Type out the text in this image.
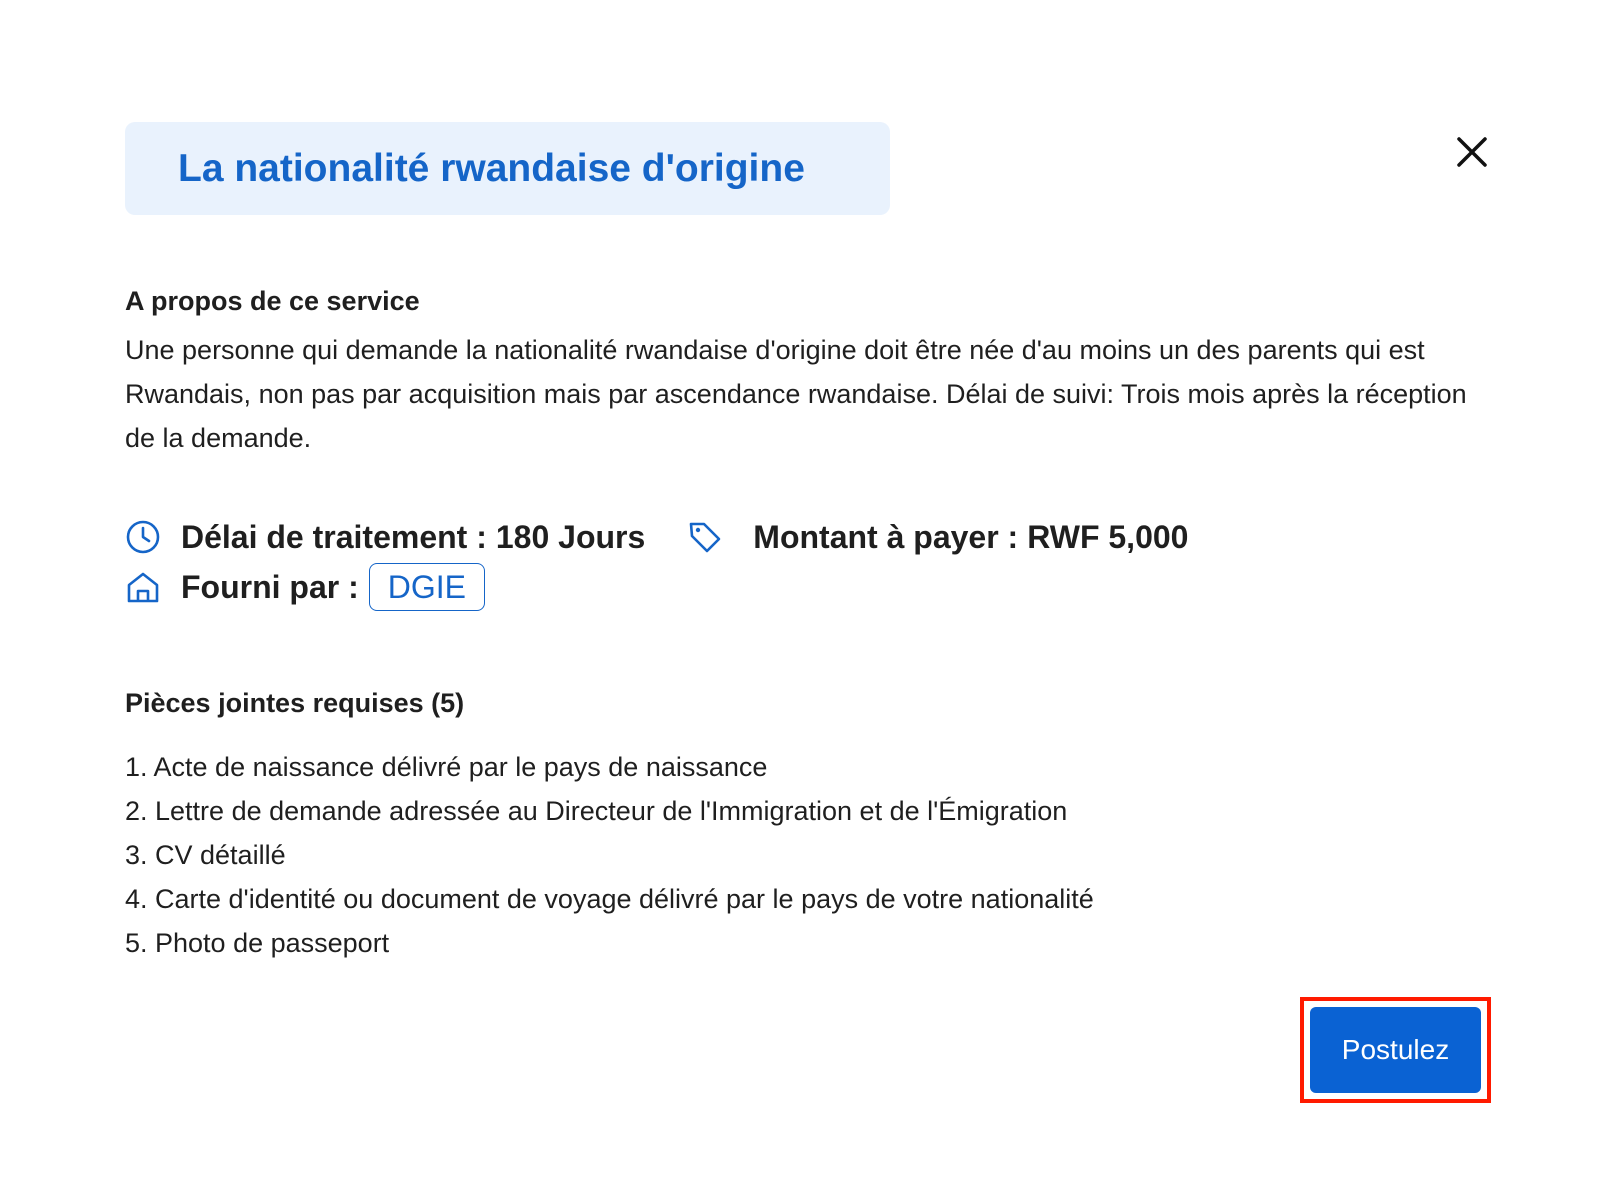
La nationalité rwandaise d'origine
A propos de ce service

Une personne qui demande la nationalité rwandaise d'origine doit être née d'au moins un des parents qui est Rwandais, non pas par acquisition mais par ascendance rwandaise. Délai de suivi: Trois mois après la réception de la demande.

Délai de traitement : 180 Jours	Montant à payer : RWF 5,000
Fourni par : DGIE
Pièces jointes requises (5)
1. Acte de naissance délivré par le pays de naissance
2. Lettre de demande adressée au Directeur de l'Immigration et de l'Émigration
3. CV détaillé
4. Carte d'identité ou document de voyage délivré par le pays de votre nationalité
5. Photo de passeport
Postulez
